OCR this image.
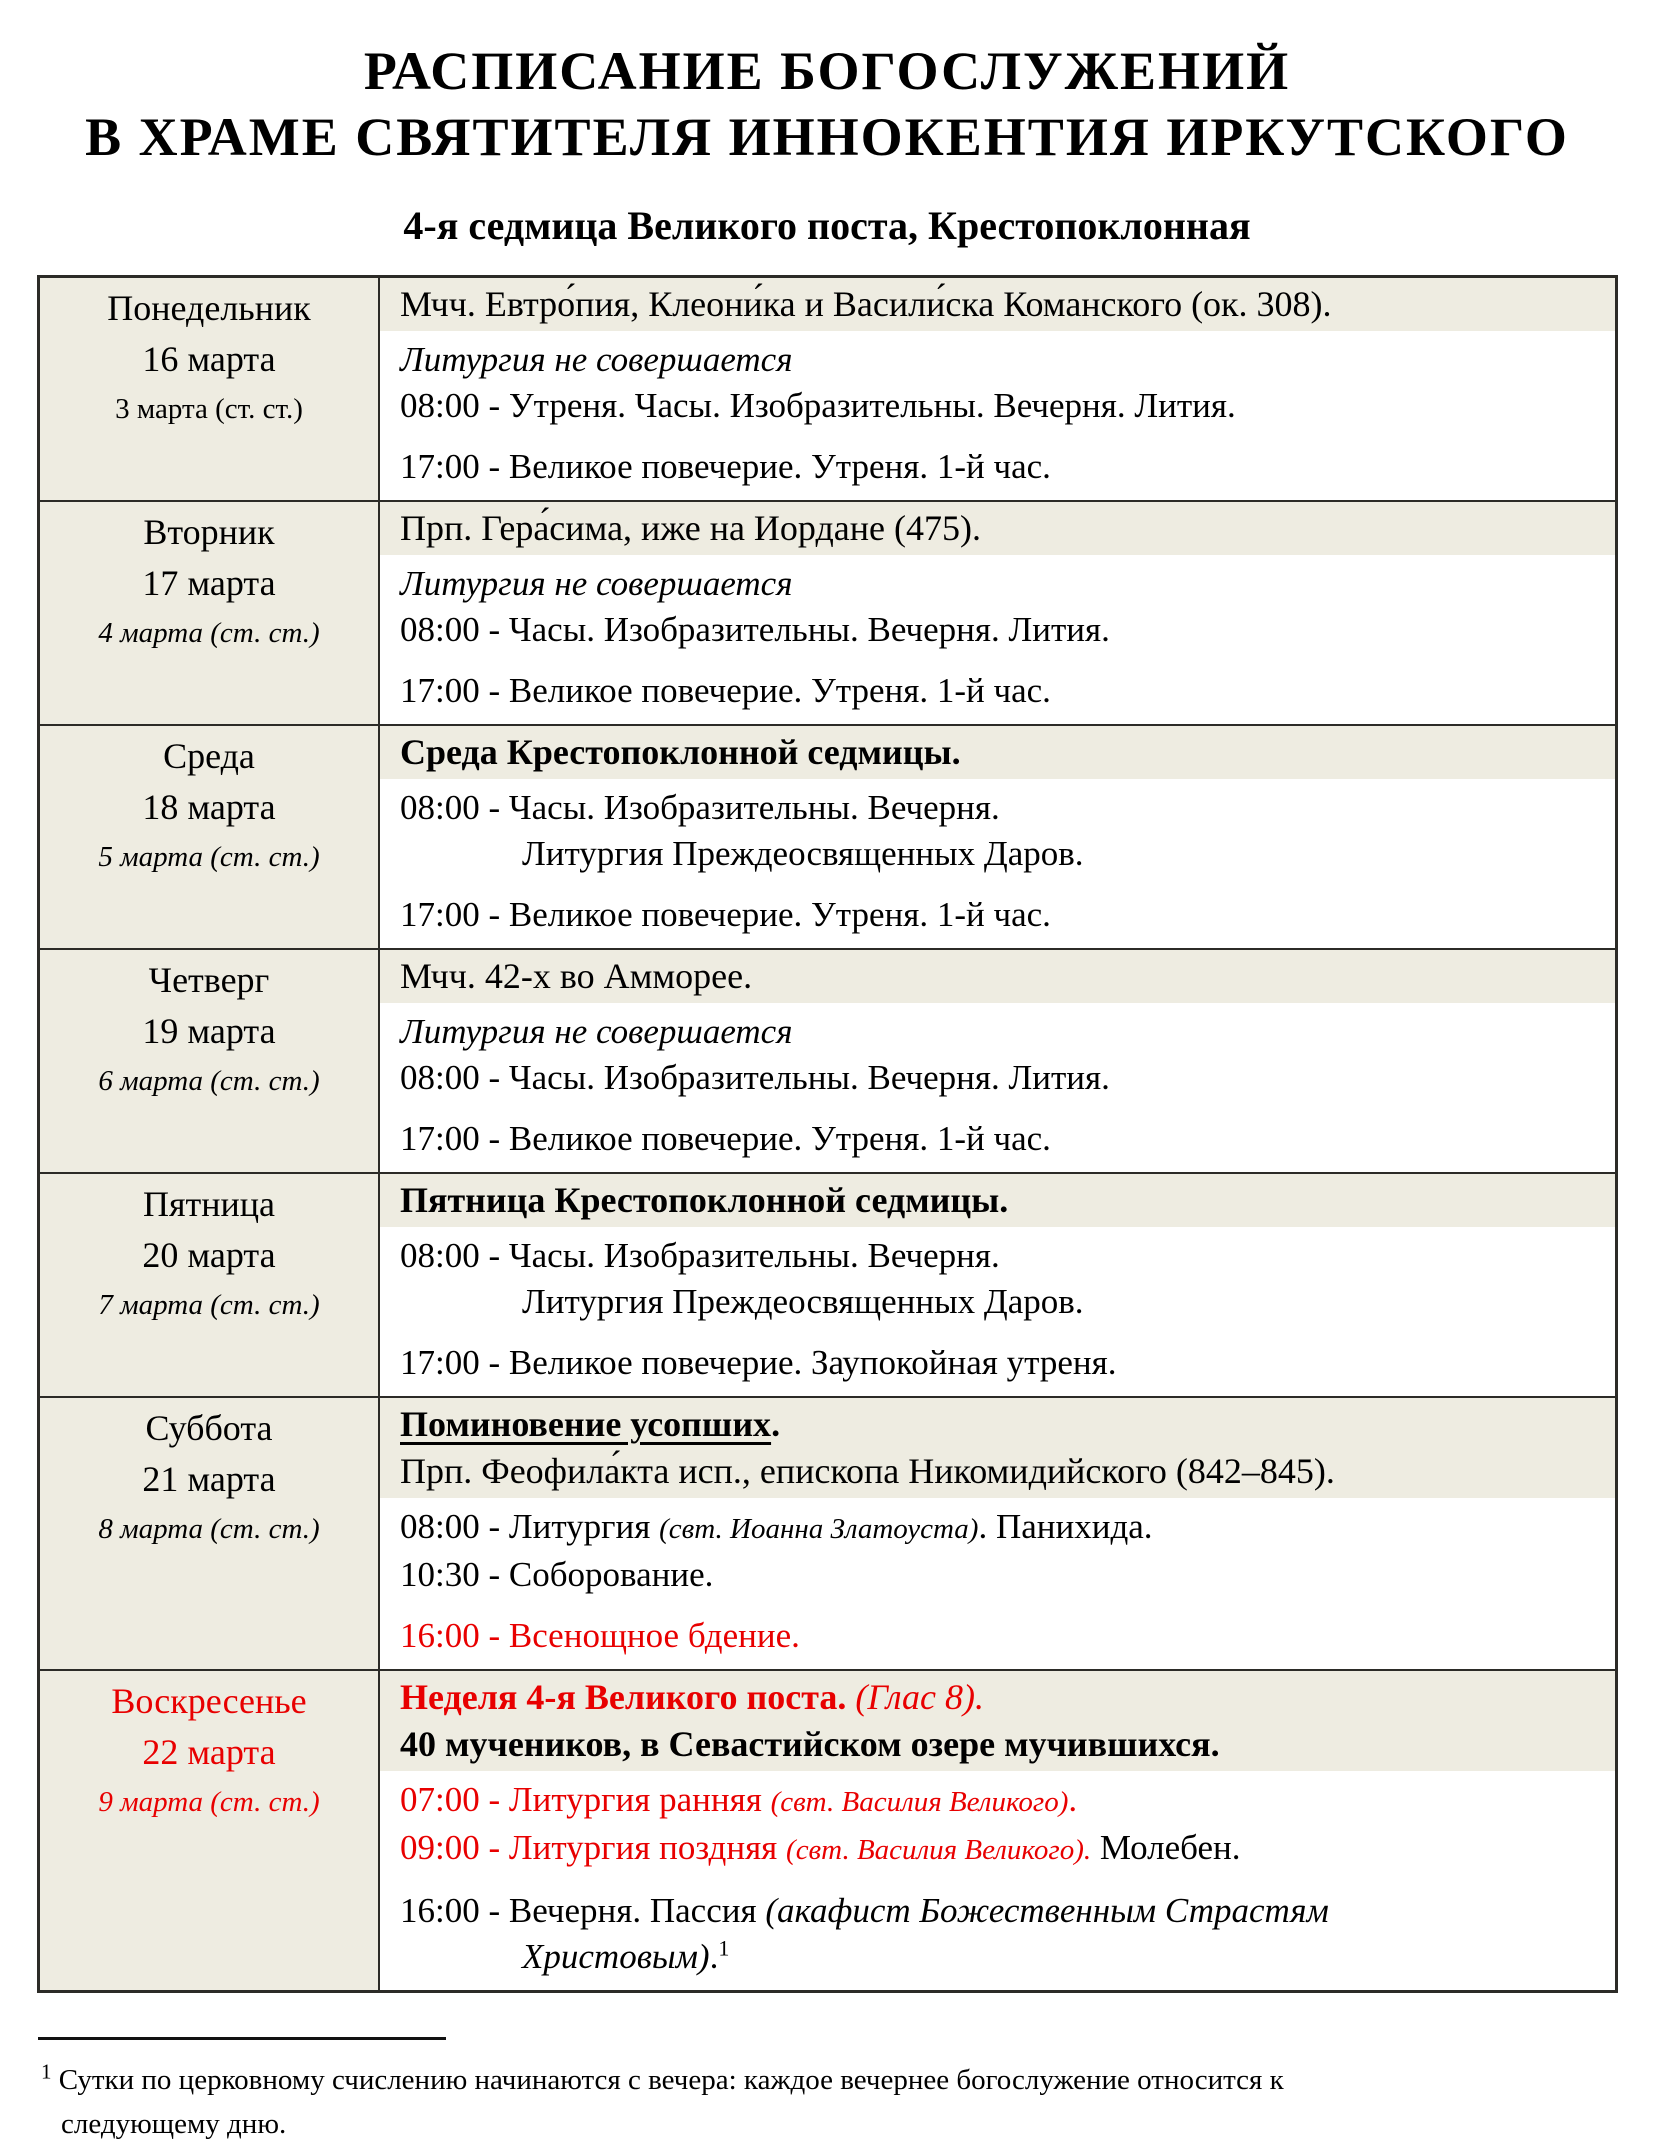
РАСПИСАНИЕ БОГОСЛУЖЕНИЙ
В ХРАМЕ СВЯТИТЕЛЯ ИННОКЕНТИЯ ИРКУТСКОГО
4-я седмица Великого поста, Крестопоклонная
Понедельник
16 марта
3 марта (ст. ст.)
Мчч. Евтро́пия, Клеони́ка и Васили́ска Команского (ок. 308).
Литургия не совершается
08:00 - Утреня. Часы. Изобразительны. Вечерня. Лития.
17:00 - Великое повечерие. Утреня. 1-й час.
Вторник
17 марта
4 марта (ст. ст.)
Прп. Гера́сима, иже на Иордане (475).
Литургия не совершается
08:00 - Часы. Изобразительны. Вечерня. Лития.
17:00 - Великое повечерие. Утреня. 1-й час.
Среда
18 марта
5 марта (ст. ст.)
Среда Крестопоклонной седмицы.
08:00 - Часы. Изобразительны. Вечерня.
Литургия Преждеосвященных Даров.
17:00 - Великое повечерие. Утреня. 1-й час.
Четверг
19 марта
6 марта (ст. ст.)
Мчч. 42-х во Амморее.
Литургия не совершается
08:00 - Часы. Изобразительны. Вечерня. Лития.
17:00 - Великое повечерие. Утреня. 1-й час.
Пятница
20 марта
7 марта (ст. ст.)
Пятница Крестопоклонной седмицы.
08:00 - Часы. Изобразительны. Вечерня.
Литургия Преждеосвященных Даров.
17:00 - Великое повечерие. Заупокойная утреня.
Суббота
21 марта
8 марта (ст. ст.)
Поминовение усопших.
Прп. Феофила́кта исп., епископа Никомидийского (842–845).
08:00 - Литургия (свт. Иоанна Златоуста). Панихида.
10:30 - Соборование.
16:00 - Всенощное бдение.
Воскресенье
22 марта
9 марта (ст. ст.)
Неделя 4-я Великого поста. (Глас 8).
40 мучеников, в Севастийском озере мучившихся.
07:00 - Литургия ранняя (свт. Василия Великого).
09:00 - Литургия поздняя (свт. Василия Великого). Молебен.
16:00 - Вечерня. Пассия (акафист Божественным Страстям
Христовым).$^1$

$^1$ Сутки по церковному счислению начинаются с вечера: каждое вечернее богослужение относится к следующему дню.
